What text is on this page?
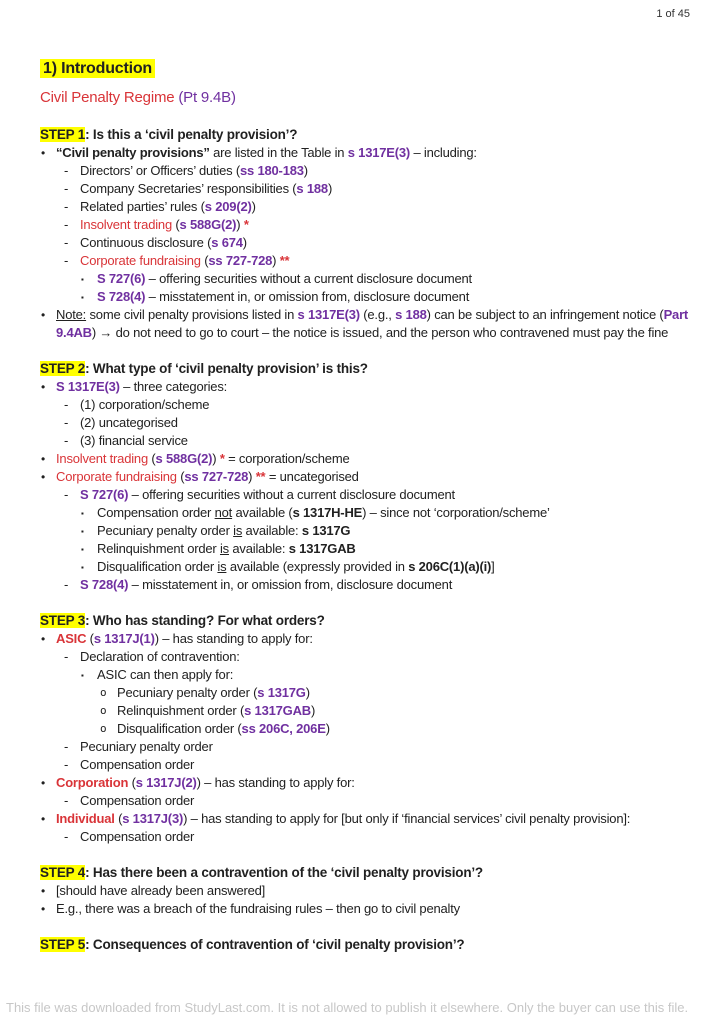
1 of 45
1) Introduction
Civil Penalty Regime (Pt 9.4B)
STEP 1: Is this a ‘civil penalty provision’?
• “Civil penalty provisions” are listed in the Table in s 1317E(3) – including:
- Directors’ or Officers’ duties (ss 180-183)
- Company Secretaries’ responsibilities (s 188)
- Related parties’ rules (s 209(2))
- Insolvent trading (s 588G(2)) *
- Continuous disclosure (s 674)
- Corporate fundraising (ss 727-728) **
▪ S 727(6) – offering securities without a current disclosure document
▪ S 728(4) – misstatement in, or omission from, disclosure document
• Note: some civil penalty provisions listed in s 1317E(3) (e.g., s 188) can be subject to an infringement notice (Part 9.4AB) → do not need to go to court – the notice is issued, and the person who contravened must pay the fine
STEP 2: What type of ‘civil penalty provision’ is this?
• S 1317E(3) – three categories:
- (1) corporation/scheme
- (2) uncategorised
- (3) financial service
• Insolvent trading (s 588G(2)) * = corporation/scheme
• Corporate fundraising (ss 727-728) ** = uncategorised
- S 727(6) – offering securities without a current disclosure document
▪ Compensation order not available (s 1317H-HE) – since not ‘corporation/scheme’
▪ Pecuniary penalty order is available: s 1317G
▪ Relinquishment order is available: s 1317GAB
▪ Disqualification order is available (expressly provided in s 206C(1)(a)(i)]
- S 728(4) – misstatement in, or omission from, disclosure document
STEP 3: Who has standing? For what orders?
• ASIC (s 1317J(1)) – has standing to apply for:
- Declaration of contravention:
▪ ASIC can then apply for:
o Pecuniary penalty order (s 1317G)
o Relinquishment order (s 1317GAB)
o Disqualification order (ss 206C, 206E)
- Pecuniary penalty order
- Compensation order
• Corporation (s 1317J(2)) – has standing to apply for:
- Compensation order
• Individual (s 1317J(3)) – has standing to apply for [but only if ‘financial services’ civil penalty provision]:
- Compensation order
STEP 4: Has there been a contravention of the ‘civil penalty provision’?
• [should have already been answered]
• E.g., there was a breach of the fundraising rules – then go to civil penalty
STEP 5: Consequences of contravention of ‘civil penalty provision’?
This file was downloaded from StudyLast.com. It is not allowed to publish it elsewhere. Only the buyer can use this file.
